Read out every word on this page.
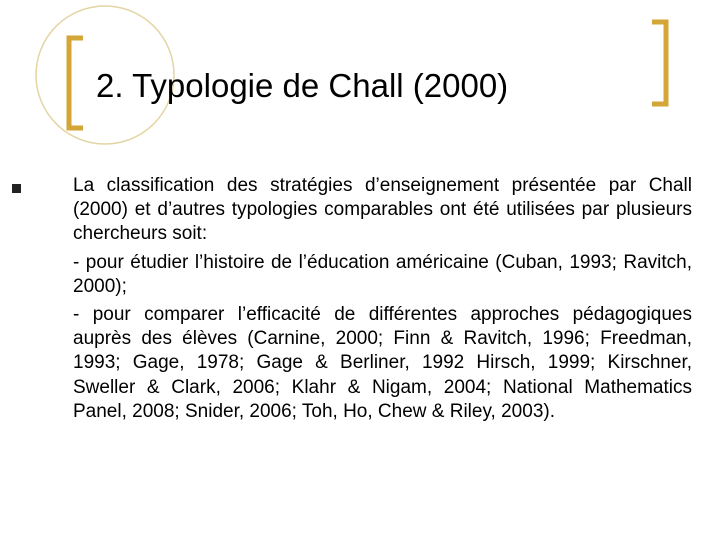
2. Typologie de Chall (2000)

La classification des stratégies d’enseignement présentée par Chall (2000) et d’autres typologies comparables ont été utilisées par plusieurs chercheurs soit:

- pour étudier l’histoire de l’éducation américaine (Cuban, 1993; Ravitch, 2000);

- pour comparer l’efficacité de différentes approches pédagogiques auprès des élèves (Carnine, 2000; Finn & Ravitch, 1996; Freedman, 1993; Gage, 1978; Gage & Berliner, 1992 Hirsch, 1999; Kirschner, Sweller & Clark, 2006; Klahr & Nigam, 2004; National Mathematics Panel, 2008; Snider, 2006; Toh, Ho, Chew & Riley, 2003).
